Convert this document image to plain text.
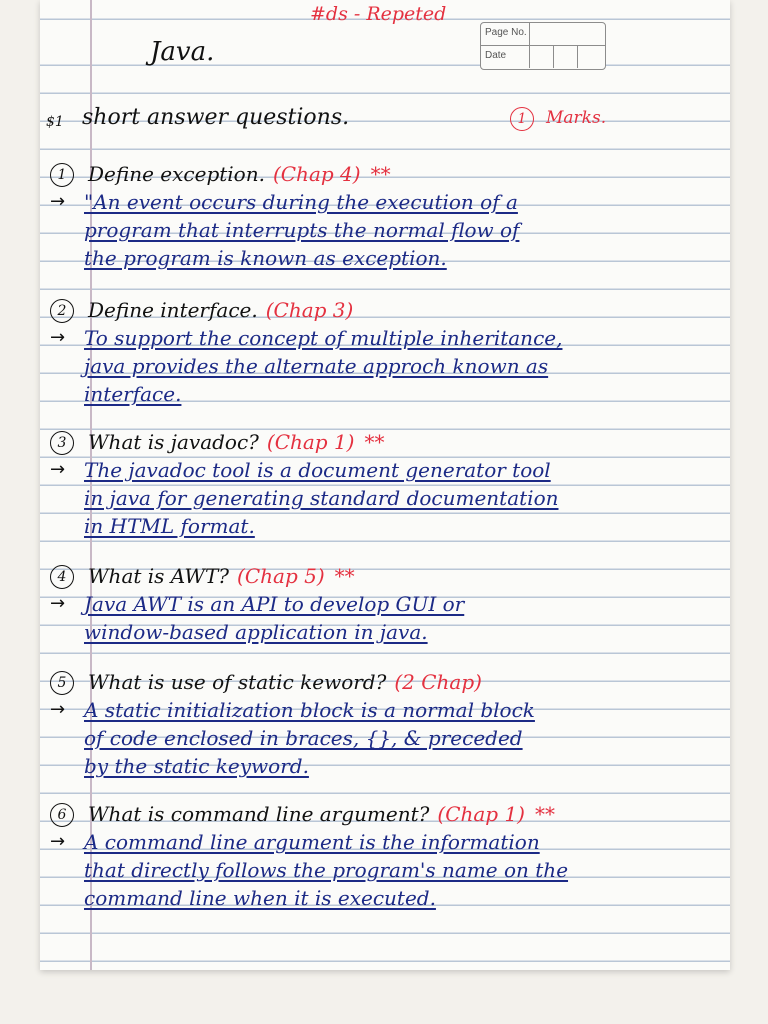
#ds - Repeted
Page No.
Date
Java.
$1 short answer questions.	1	Marks.
1	Define exception. (Chap 4) **
→ "An event occurs during the execution of a
program that interrupts the normal flow of
the program is known as exception.
2	Define interface. (Chap 3)
→ To support the concept of multiple inheritance,
java provides the alternate approch known as
interface.
3	What is javadoc? (Chap 1) **
→ The javadoc tool is a document generator tool
in java for generating standard documentation
in HTML format.
4	What is AWT? (Chap 5) **
→ Java AWT is an API to develop GUI or
window-based application in java.
5	What is use of static keword? (2 Chap)
→ A static initialization block is a normal block
of code enclosed in braces, {}, & preceded
by the static keyword.
6	What is command line argument? (Chap 1) **
→ A command line argument is the information
that directly follows the program's name on the
command line when it is executed.
